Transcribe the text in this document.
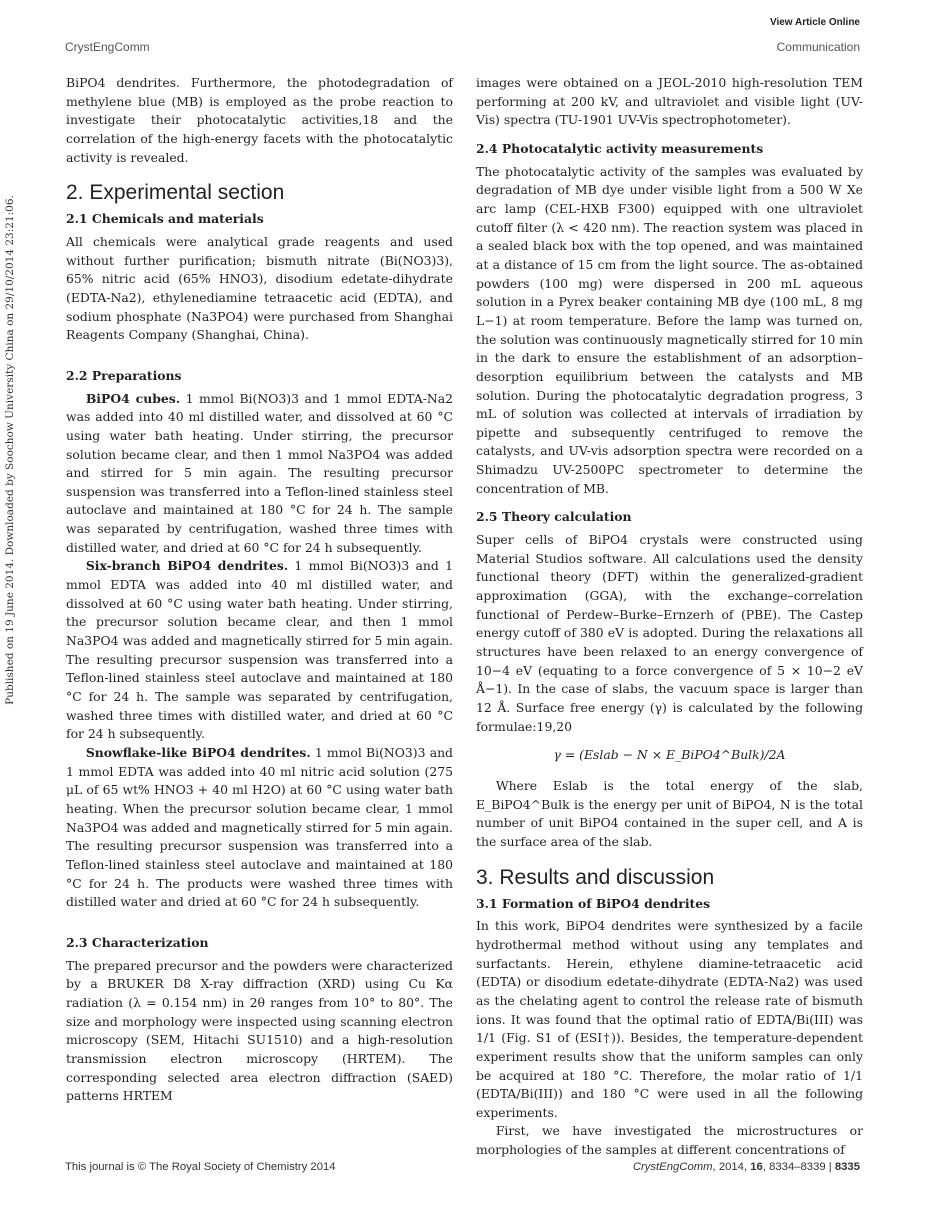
View Article Online
CrystEngComm	Communication
Published on 19 June 2014. Downloaded by Soochow University China on 29/10/2014 23:21:06.

BiPO4 dendrites. Furthermore, the photodegradation of methylene blue (MB) is employed as the probe reaction to investigate their photocatalytic activities,18 and the correlation of the high-energy facets with the photocatalytic activity is revealed.

2. Experimental section
2.1 Chemicals and materials

All chemicals were analytical grade reagents and used without further purification; bismuth nitrate (Bi(NO3)3), 65% nitric acid (65% HNO3), disodium edetate-dihydrate (EDTA-Na2), ethylenediamine tetraacetic acid (EDTA), and sodium phosphate (Na3PO4) were purchased from Shanghai Reagents Company (Shanghai, China).

2.2 Preparations

BiPO4 cubes. 1 mmol Bi(NO3)3 and 1 mmol EDTA-Na2 was added into 40 ml distilled water, and dissolved at 60 °C using water bath heating. Under stirring, the precursor solution became clear, and then 1 mmol Na3PO4 was added and stirred for 5 min again. The resulting precursor suspension was transferred into a Teflon-lined stainless steel autoclave and maintained at 180 °C for 24 h. The sample was separated by centrifugation, washed three times with distilled water, and dried at 60 °C for 24 h subsequently.

Six-branch BiPO4 dendrites. 1 mmol Bi(NO3)3 and 1 mmol EDTA was added into 40 ml distilled water, and dissolved at 60 °C using water bath heating. Under stirring, the precursor solution became clear, and then 1 mmol Na3PO4 was added and magnetically stirred for 5 min again. The resulting precursor suspension was transferred into a Teflon-lined stainless steel autoclave and maintained at 180 °C for 24 h. The sample was separated by centrifugation, washed three times with distilled water, and dried at 60 °C for 24 h subsequently.

Snowflake-like BiPO4 dendrites. 1 mmol Bi(NO3)3 and 1 mmol EDTA was added into 40 ml nitric acid solution (275 μL of 65 wt% HNO3 + 40 ml H2O) at 60 °C using water bath heating. When the precursor solution became clear, 1 mmol Na3PO4 was added and magnetically stirred for 5 min again. The resulting precursor suspension was transferred into a Teflon-lined stainless steel autoclave and maintained at 180 °C for 24 h. The products were washed three times with distilled water and dried at 60 °C for 24 h subsequently.

2.3 Characterization

The prepared precursor and the powders were characterized by a BRUKER D8 X-ray diffraction (XRD) using Cu Kα radiation (λ = 0.154 nm) in 2θ ranges from 10° to 80°. The size and morphology were inspected using scanning electron microscopy (SEM, Hitachi SU1510) and a high-resolution transmission electron microscopy (HRTEM). The corresponding selected area electron diffraction (SAED) patterns HRTEM

images were obtained on a JEOL-2010 high-resolution TEM performing at 200 kV, and ultraviolet and visible light (UV-Vis) spectra (TU-1901 UV-Vis spectrophotometer).

2.4 Photocatalytic activity measurements

The photocatalytic activity of the samples was evaluated by degradation of MB dye under visible light from a 500 W Xe arc lamp (CEL-HXB F300) equipped with one ultraviolet cutoff filter (λ < 420 nm). The reaction system was placed in a sealed black box with the top opened, and was maintained at a distance of 15 cm from the light source. The as-obtained powders (100 mg) were dispersed in 200 mL aqueous solution in a Pyrex beaker containing MB dye (100 mL, 8 mg L−1) at room temperature. Before the lamp was turned on, the solution was continuously magnetically stirred for 10 min in the dark to ensure the establishment of an adsorption–desorption equilibrium between the catalysts and MB solution. During the photocatalytic degradation progress, 3 mL of solution was collected at intervals of irradiation by pipette and subsequently centrifuged to remove the catalysts, and UV-vis adsorption spectra were recorded on a Shimadzu UV-2500PC spectrometer to determine the concentration of MB.

2.5 Theory calculation

Super cells of BiPO4 crystals were constructed using Material Studios software. All calculations used the density functional theory (DFT) within the generalized-gradient approximation (GGA), with the exchange–correlation functional of Perdew–Burke–Ernzerh of (PBE). The Castep energy cutoff of 380 eV is adopted. During the relaxations all structures have been relaxed to an energy convergence of 10−4 eV (equating to a force convergence of 5 × 10−2 eV Å−1). In the case of slabs, the vacuum space is larger than 12 Å. Surface free energy (γ) is calculated by the following formulae:19,20

γ = (Eslab − N × E_BiPO4^Bulk)/2A

Where Eslab is the total energy of the slab, E_BiPO4^Bulk is the energy per unit of BiPO4, N is the total number of unit BiPO4 contained in the super cell, and A is the surface area of the slab.

3. Results and discussion
3.1 Formation of BiPO4 dendrites

In this work, BiPO4 dendrites were synthesized by a facile hydrothermal method without using any templates and surfactants. Herein, ethylene diamine-tetraacetic acid (EDTA) or disodium edetate-dihydrate (EDTA-Na2) was used as the chelating agent to control the release rate of bismuth ions. It was found that the optimal ratio of EDTA/Bi(III) was 1/1 (Fig. S1 of (ESI†)). Besides, the temperature-dependent experiment results show that the uniform samples can only be acquired at 180 °C. Therefore, the molar ratio of 1/1 (EDTA/Bi(III)) and 180 °C were used in all the following experiments.

First, we have investigated the microstructures or morphologies of the samples at different concentrations of

This journal is © The Royal Society of Chemistry 2014	CrystEngComm, 2014, 16, 8334–8339 | 8335
